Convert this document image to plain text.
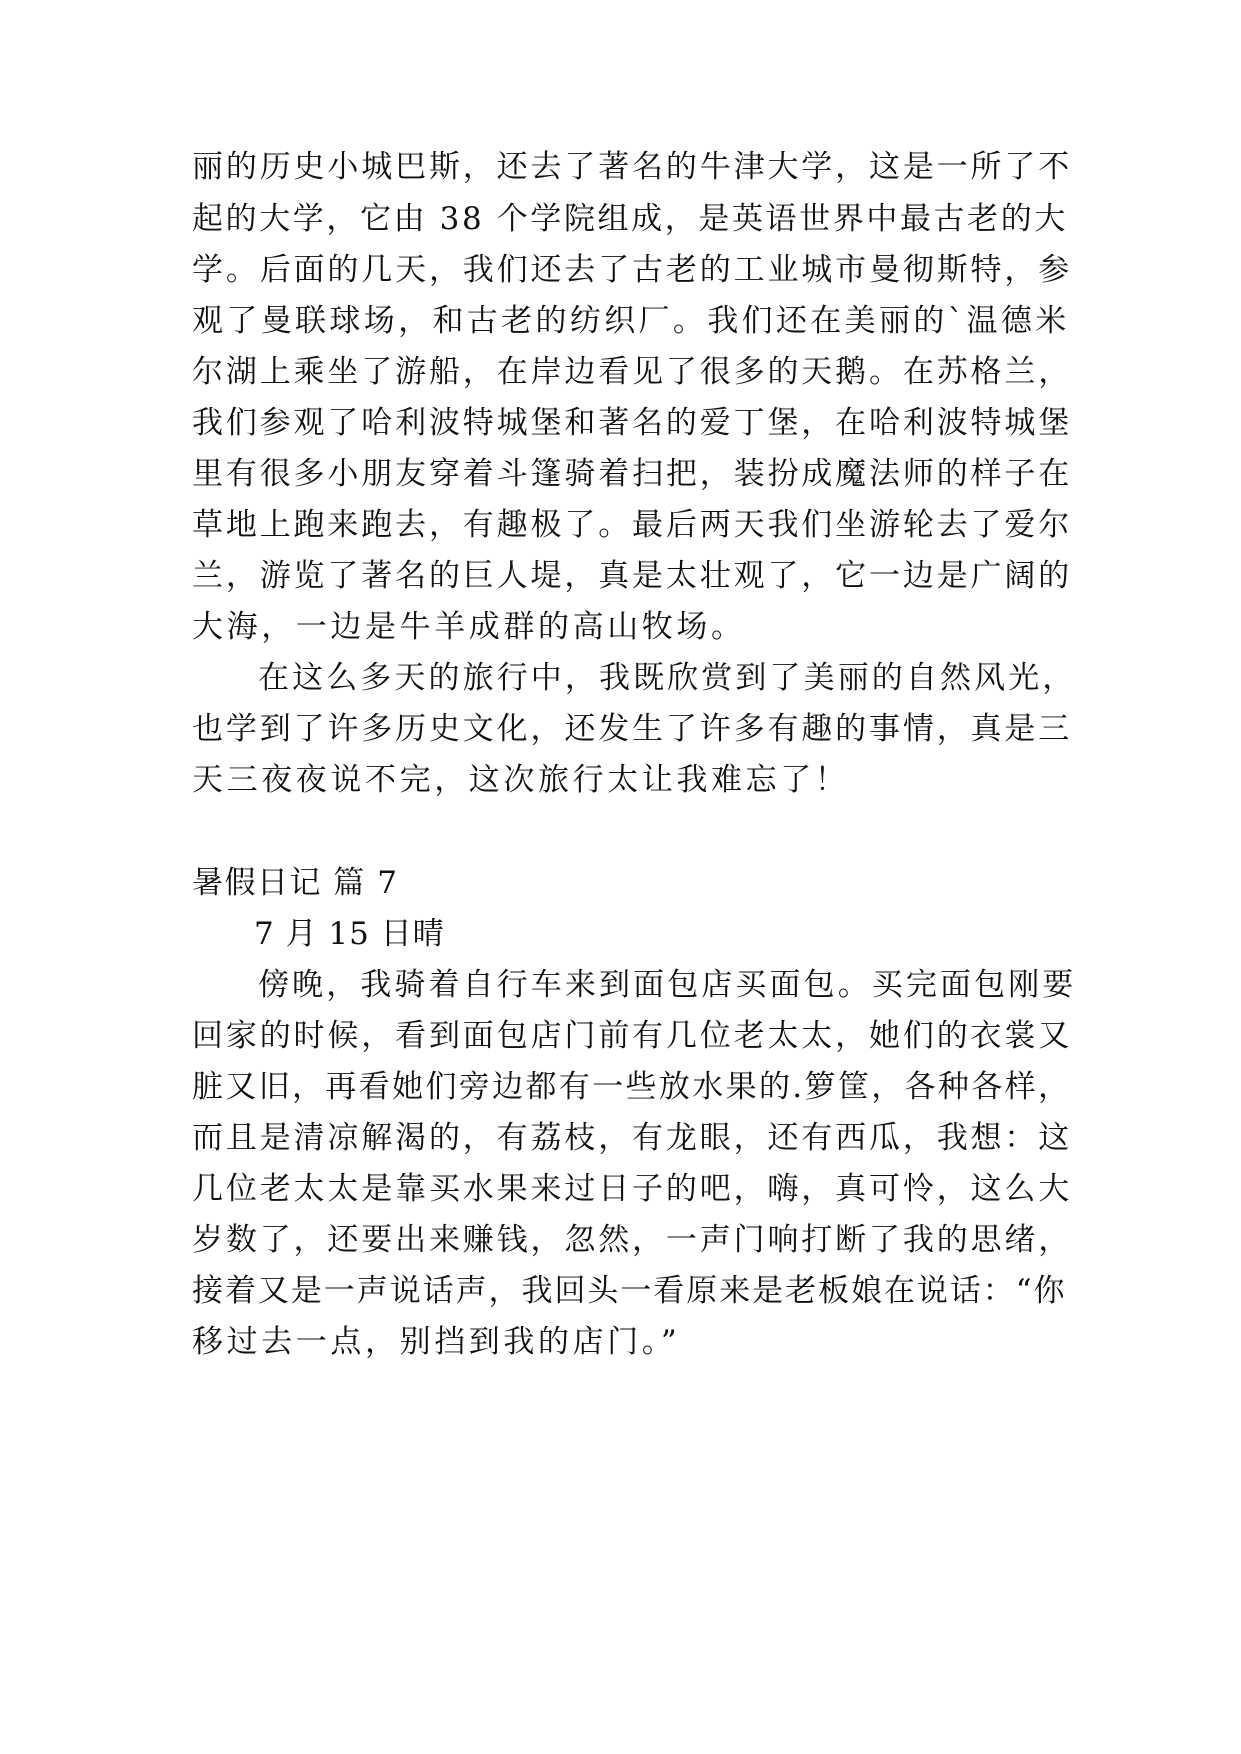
丽的历史小城巴斯，还去了著名的牛津大学，这是一所了不
起的大学，它由 38 个学院组成，是英语世界中最古老的大
学。后面的几天，我们还去了古老的工业城市曼彻斯特，参
观了曼联球场，和古老的纺织厂。我们还在美丽的`温德米
尔湖上乘坐了游船，在岸边看见了很多的天鹅。在苏格兰，
我们参观了哈利波特城堡和著名的爱丁堡，在哈利波特城堡
里有很多小朋友穿着斗篷骑着扫把，装扮成魔法师的样子在
草地上跑来跑去，有趣极了。最后两天我们坐游轮去了爱尔
兰，游览了著名的巨人堤，真是太壮观了，它一边是广阔的
大海，一边是牛羊成群的高山牧场。
在这么多天的旅行中，我既欣赏到了美丽的自然风光，
也学到了许多历史文化，还发生了许多有趣的事情，真是三
天三夜夜说不完，这次旅行太让我难忘了！
暑假日记 篇 7
7 月 15 日晴
傍晚，我骑着自行车来到面包店买面包。买完面包刚要
回家的时候，看到面包店门前有几位老太太，她们的衣裳又
脏又旧，再看她们旁边都有一些放水果的.箩筐，各种各样，
而且是清凉解渴的，有荔枝，有龙眼，还有西瓜，我想：这
几位老太太是靠买水果来过日子的吧，嗨，真可怜，这么大
岁数了，还要出来赚钱，忽然，一声门响打断了我的思绪，
接着又是一声说话声，我回头一看原来是老板娘在说话：“你
移过去一点，别挡到我的店门。”
